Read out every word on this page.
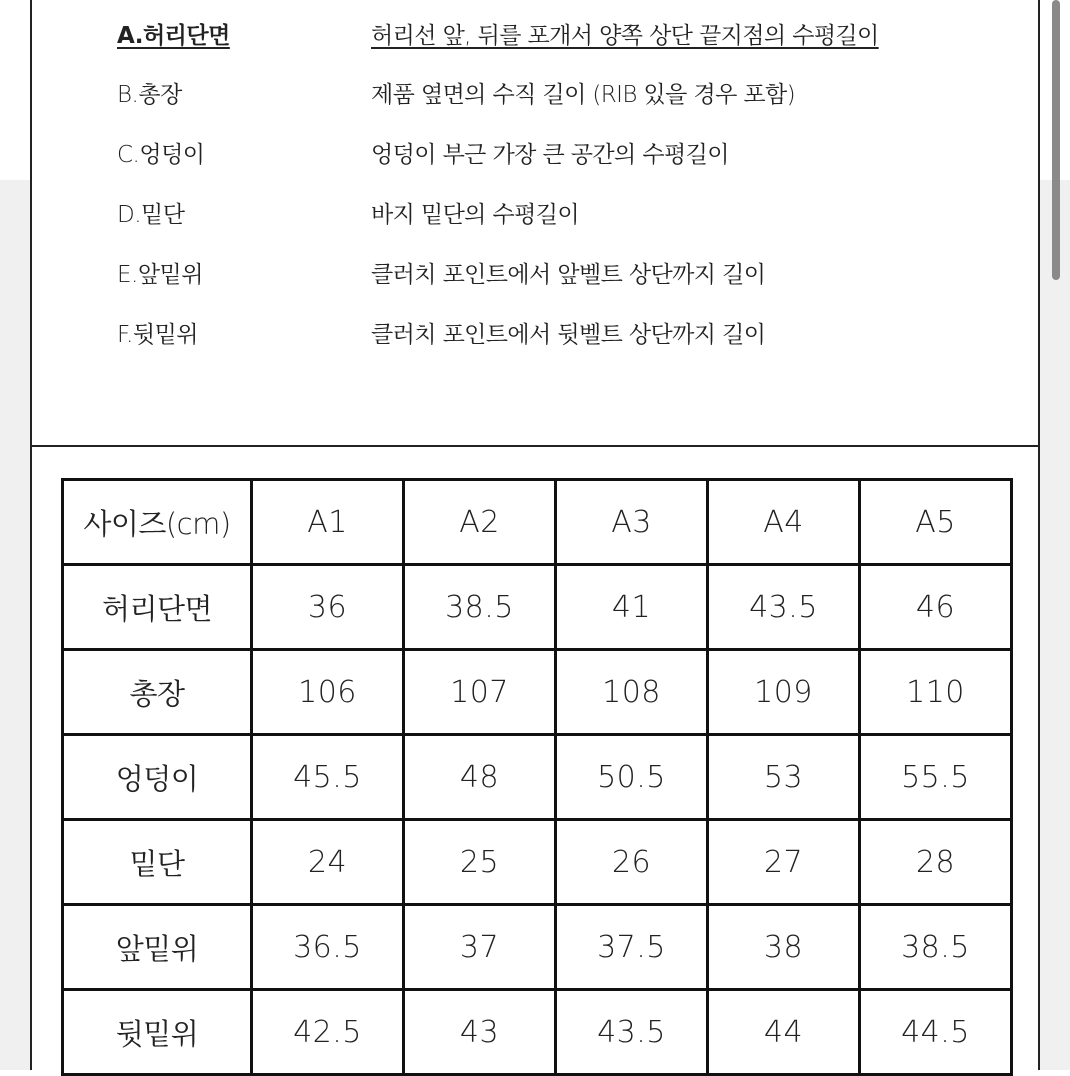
A.허리단면	허리선 앞, 뒤를 포개서 양쪽 상단 끝지점의 수평길이
B.총장	제품 옆면의 수직 길이 (RIB 있을 경우 포함)
C.엉덩이	엉덩이 부근 가장 큰 공간의 수평길이
D.밑단	바지 밑단의 수평길이
E.앞밑위	클러치 포인트에서 앞벨트 상단까지 길이
F.뒷밑위	클러치 포인트에서 뒷벨트 상단까지 길이
사이즈(cm)	A1	A2	A3	A4	A5
허리단면	36	38.5	41	43.5	46
총장	106	107	108	109	110
엉덩이	45.5	48	50.5	53	55.5
밑단	24	25	26	27	28
앞밑위	36.5	37	37.5	38	38.5
뒷밑위	42.5	43	43.5	44	44.5
